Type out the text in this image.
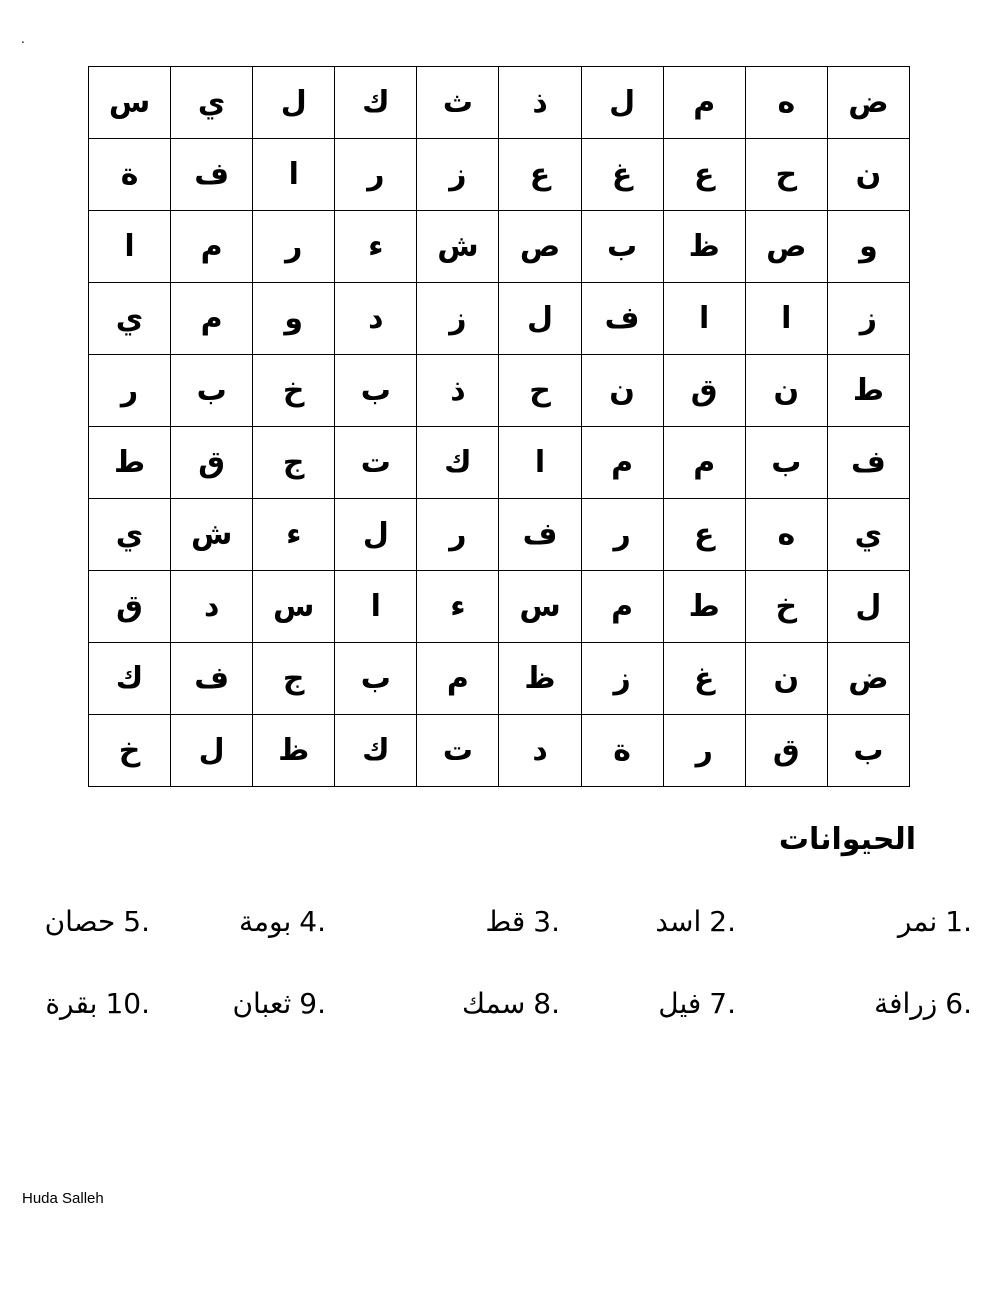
.
س	ي	ل	ك	ث	ذ	ل	م	ه	ض
ة	ف	ا	ر	ز	ع	غ	ع	ح	ن
ا	م	ر	ء	ش	ص	ب	ظ	ص	و
ي	م	و	د	ز	ل	ف	ا	ا	ز
ر	ب	خ	ب	ذ	ح	ن	ق	ن	ط
ط	ق	ج	ت	ك	ا	م	م	ب	ف
ي	ش	ء	ل	ر	ف	ر	ع	ه	ي
ق	د	س	ا	ء	س	م	ط	خ	ل
ك	ف	ج	ب	م	ظ	ز	غ	ن	ض
خ	ل	ظ	ك	ت	د	ة	ر	ق	ب
الحيوانات
نمر 1.
اسد 2.
قط 3.
بومة 4.
حصان 5.
زرافة 6.
فيل 7.
سمك 8.
ثعبان 9.
بقرة 10.
Huda Salleh
